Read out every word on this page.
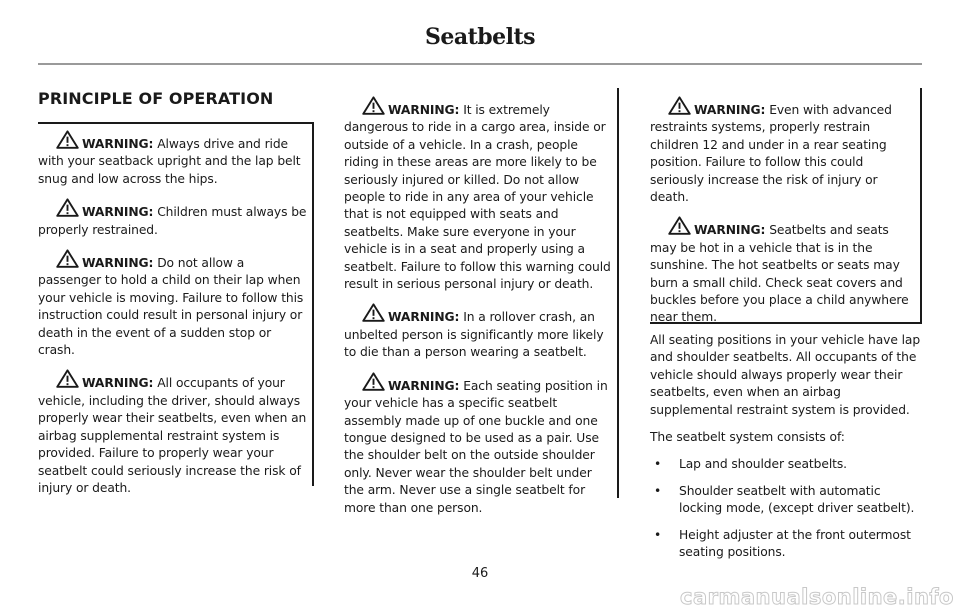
Seatbelts
PRINCIPLE OF OPERATION

WARNING: Always drive and ride with your seatback upright and the lap belt snug and low across the hips.

WARNING: Children must always be properly restrained.

WARNING: Do not allow a passenger to hold a child on their lap when your vehicle is moving. Failure to follow this instruction could result in personal injury or death in the event of a sudden stop or crash.

WARNING: All occupants of your vehicle, including the driver, should always properly wear their seatbelts, even when an airbag supplemental restraint system is provided. Failure to properly wear your seatbelt could seriously increase the risk of injury or death.

WARNING: It is extremely dangerous to ride in a cargo area, inside or outside of a vehicle. In a crash, people riding in these areas are more likely to be seriously injured or killed. Do not allow people to ride in any area of your vehicle that is not equipped with seats and seatbelts. Make sure everyone in your vehicle is in a seat and properly using a seatbelt. Failure to follow this warning could result in serious personal injury or death.

WARNING: In a rollover crash, an unbelted person is significantly more likely to die than a person wearing a seatbelt.

WARNING: Each seating position in your vehicle has a specific seatbelt assembly made up of one buckle and one tongue designed to be used as a pair. Use the shoulder belt on the outside shoulder only. Never wear the shoulder belt under the arm. Never use a single seatbelt for more than one person.

WARNING: Even with advanced restraints systems, properly restrain children 12 and under in a rear seating position. Failure to follow this could seriously increase the risk of injury or death.

WARNING: Seatbelts and seats may be hot in a vehicle that is in the sunshine. The hot seatbelts or seats may burn a small child. Check seat covers and buckles before you place a child anywhere near them.

All seating positions in your vehicle have lap and shoulder seatbelts. All occupants of the vehicle should always properly wear their seatbelts, even when an airbag supplemental restraint system is provided.

The seatbelt system consists of:

• Lap and shoulder seatbelts.
• Shoulder seatbelt with automatic locking mode, (except driver seatbelt).
• Height adjuster at the front outermost seating positions.
46
carmanualsonline.info
